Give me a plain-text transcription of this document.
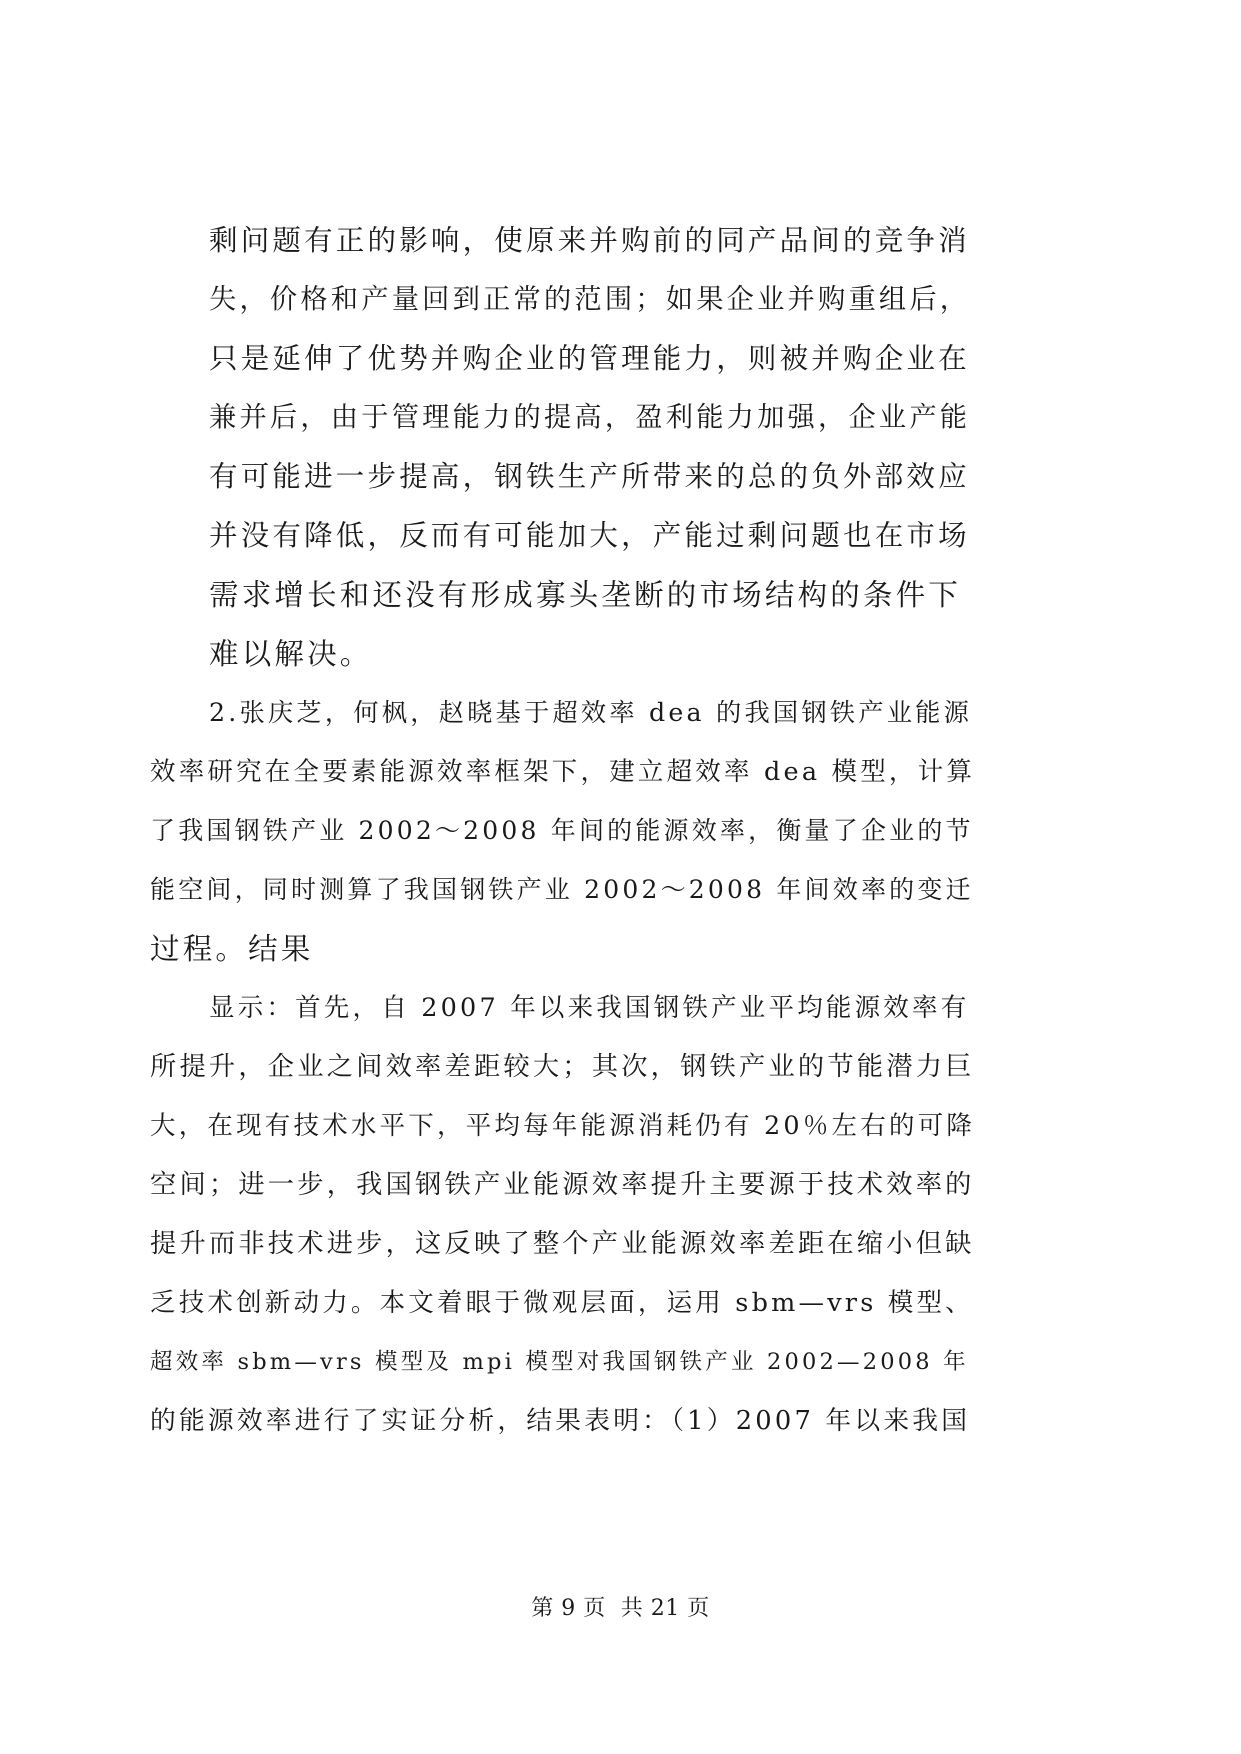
剩问题有正的影响，使原来并购前的同产品间的竞争消
失，价格和产量回到正常的范围；如果企业并购重组后，
只是延伸了优势并购企业的管理能力，则被并购企业在
兼并后，由于管理能力的提高，盈利能力加强，企业产能
有可能进一步提高，钢铁生产所带来的总的负外部效应
并没有降低，反而有可能加大，产能过剩问题也在市场
需求增长和还没有形成寡头垄断的市场结构的条件下
难以解决。
2.张庆芝，何枫，赵晓基于超效率 dea 的我国钢铁产业能源
效率研究在全要素能源效率框架下，建立超效率 dea 模型，计算
了我国钢铁产业 2002～2008 年间的能源效率，衡量了企业的节
能空间，同时测算了我国钢铁产业 2002～2008 年间效率的变迁
过程。结果
显示：首先，自 2007 年以来我国钢铁产业平均能源效率有
所提升，企业之间效率差距较大；其次，钢铁产业的节能潜力巨
大，在现有技术水平下，平均每年能源消耗仍有 20％左右的可降
空间；进一步，我国钢铁产业能源效率提升主要源于技术效率的
提升而非技术进步，这反映了整个产业能源效率差距在缩小但缺
乏技术创新动力。本文着眼于微观层面，运用 sbm—vrs 模型、
超效率 sbm—vrs 模型及 mpi 模型对我国钢铁产业 2002—2008 年
的能源效率进行了实证分析，结果表明：（1）2007 年以来我国
第 9 页  共 21 页
